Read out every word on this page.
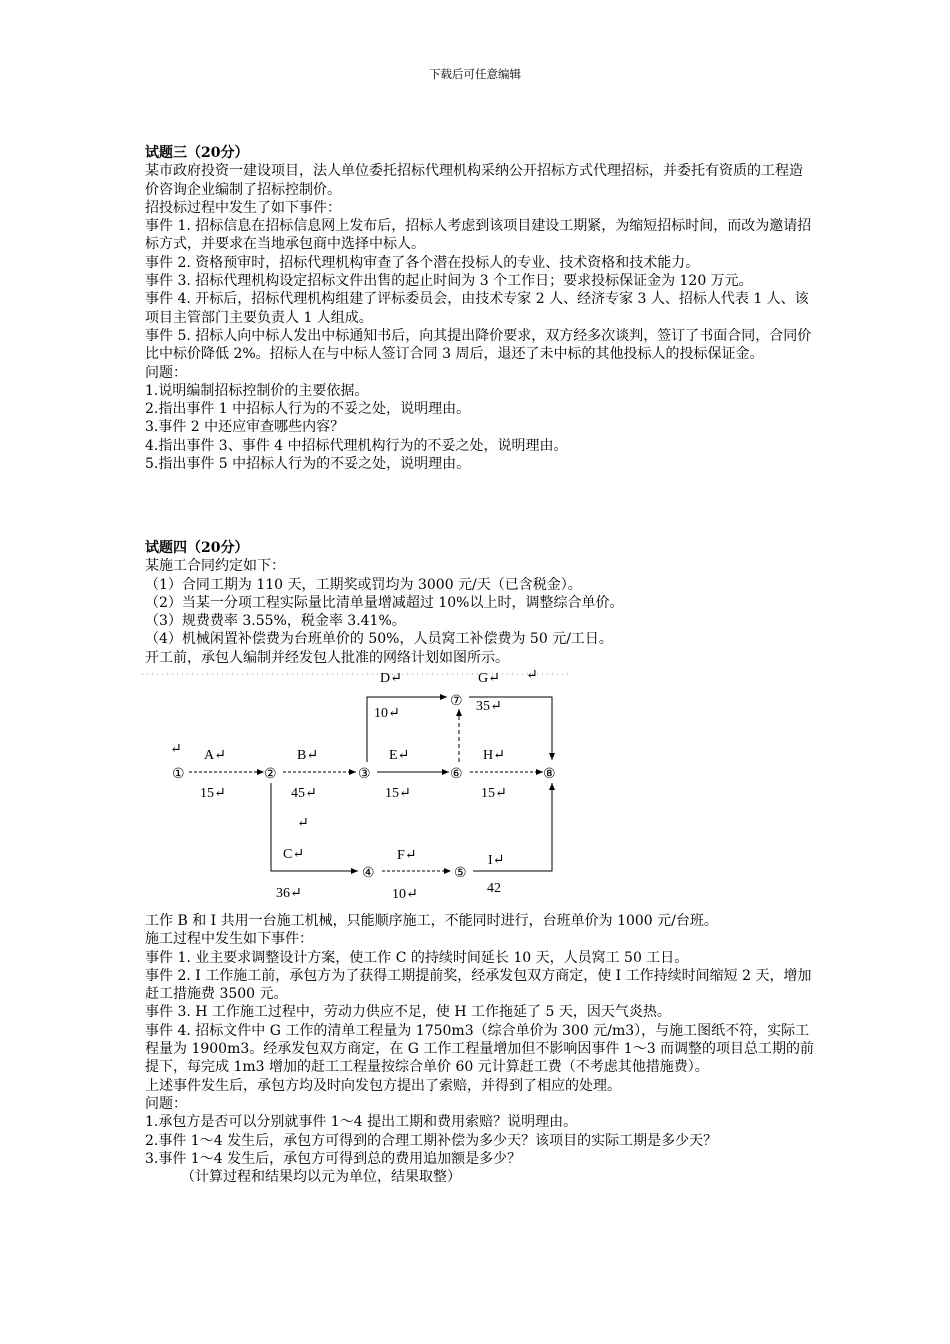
下载后可任意编辑

试题三（20分）

某市政府投资一建设项目，法人单位委托招标代理机构采纳公开招标方式代理招标，并委托有资质的工程造价咨询企业编制了招标控制价。

招投标过程中发生了如下事件：

事件 1. 招标信息在招标信息网上发布后，招标人考虑到该项目建设工期紧，为缩短招标时间，而改为邀请招标方式，并要求在当地承包商中选择中标人。

事件 2. 资格预审时，招标代理机构审查了各个潜在投标人的专业、技术资格和技术能力。

事件 3. 招标代理机构设定招标文件出售的起止时间为 3 个工作日；要求投标保证金为 120 万元。

事件 4. 开标后，招标代理机构组建了评标委员会，由技术专家 2 人、经济专家 3 人、招标人代表 1 人、该项目主管部门主要负责人 1 人组成。

事件 5. 招标人向中标人发出中标通知书后，向其提出降价要求，双方经多次谈判，签订了书面合同，合同价比中标价降低 2%。招标人在与中标人签订合同 3 周后，退还了未中标的其他投标人的投标保证金。

问题：

1.说明编制招标控制价的主要依据。

2.指出事件 1 中招标人行为的不妥之处，说明理由。

3.事件 2 中还应审查哪些内容？

4.指出事件 3、事件 4 中招标代理机构行为的不妥之处，说明理由。

5.指出事件 5 中招标人行为的不妥之处，说明理由。

试题四（20分）

某施工合同约定如下：

（1）合同工期为 110 天，工期奖或罚均为 3000 元/天（已含税金）。

（2）当某一分项工程实际量比清单量增减超过 10%以上时，调整综合单价。

（3）规费费率 3.55%，税金率 3.41%。

（4）机械闲置补偿费为台班单价的 50%，人员窝工补偿费为 50 元/工日。

开工前，承包人编制并经发包人批准的网络计划如图所示。

①	②	③
④	⑤
⑥
⑦
⑧
A↵
15↵
B↵
45↵
D↵
10↵
E↵
15↵
G↵
35↵
H↵
15↵
C↵
36↵
F↵
10↵
I↵
42
↵
↵
↵

工作 B 和 I 共用一台施工机械，只能顺序施工，不能同时进行，台班单价为 1000 元/台班。

施工过程中发生如下事件：

事件 1. 业主要求调整设计方案，使工作 C 的持续时间延长 10 天，人员窝工 50 工日。

事件 2. I 工作施工前，承包方为了获得工期提前奖，经承发包双方商定，使 I 工作持续时间缩短 2 天，增加赶工措施费 3500 元。

事件 3. H 工作施工过程中，劳动力供应不足，使 H 工作拖延了 5 天，因天气炎热。

事件 4. 招标文件中 G 工作的清单工程量为 1750m3（综合单价为 300 元/m3），与施工图纸不符，实际工程量为 1900m3。经承发包双方商定，在 G 工作工程量增加但不影响因事件 1～3 而调整的项目总工期的前提下，每完成 1m3 增加的赶工工程量按综合单价 60 元计算赶工费（不考虑其他措施费）。

上述事件发生后，承包方均及时向发包方提出了索赔，并得到了相应的处理。

问题：

1.承包方是否可以分别就事件 1～4 提出工期和费用索赔？说明理由。

2.事件 1～4 发生后，承包方可得到的合理工期补偿为多少天？该项目的实际工期是多少天？

3.事件 1～4 发生后，承包方可得到总的费用追加额是多少？

（计算过程和结果均以元为单位，结果取整）
